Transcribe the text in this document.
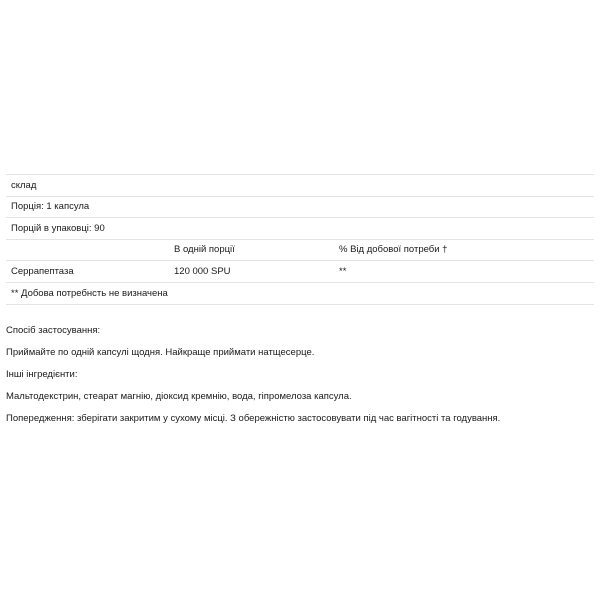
склад		
Порція: 1 капсула		
Порцій в упаковці: 90		
	В одній порції	% Від добової потреби †
Серрапептаза	120 000 SPU	**
** Добова потребнсть не визначена		

Спосіб застосування:

Приймайте по одній капсулі щодня. Найкраще приймати натщесерце.

Інші інгредієнти:

Мальтодекстрин, стеарат магнію, діоксид кремнію, вода, гіпромелоза капсула.

Попередження: зберігати закритим у сухому місці. З обережністю застосовувати під час вагітності та годування.
